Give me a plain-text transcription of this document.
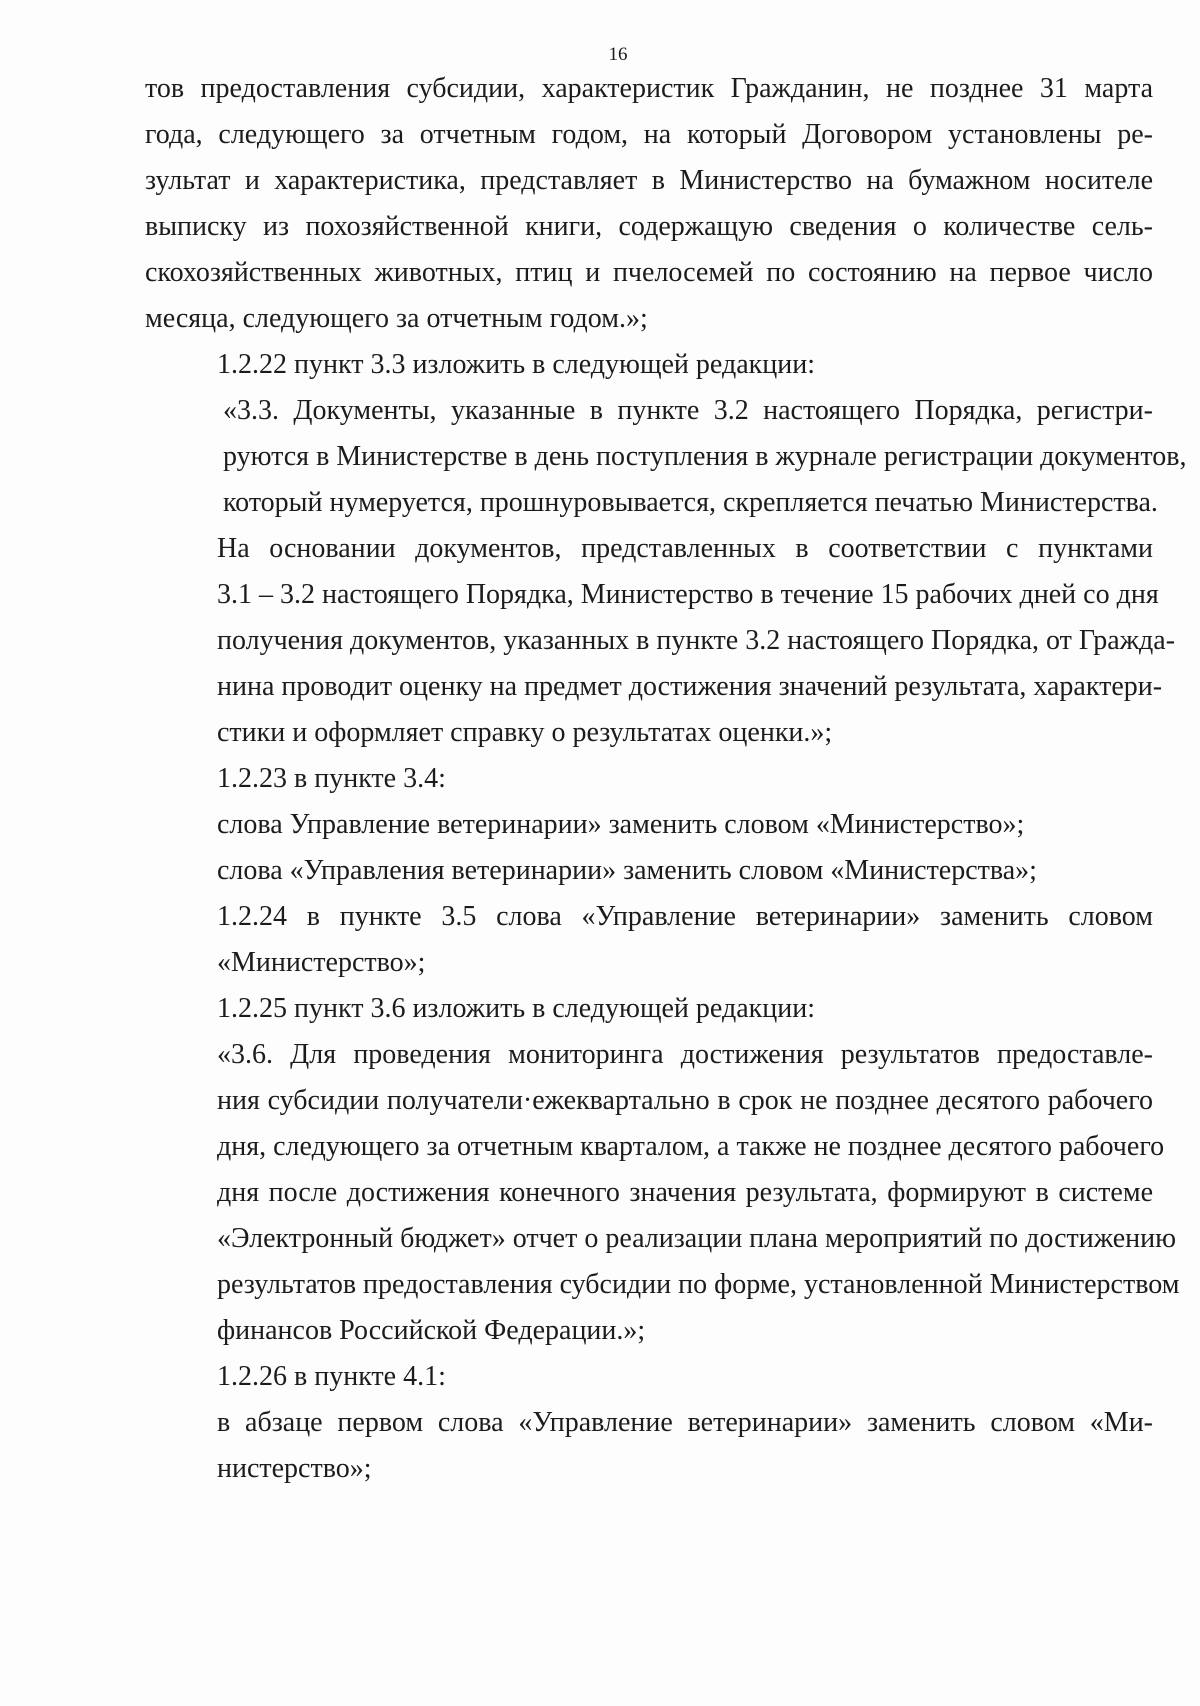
16

тов предоставления субсидии, характеристик Гражданин, не позднее 31 марта
года, следующего за отчетным годом, на который Договором установлены ре-
зультат и характеристика, представляет в Министерство на бумажном носителе
выписку из похозяйственной книги, содержащую сведения о количестве сель-
скохозяйственных животных, птиц и пчелосемей по состоянию на первое число
месяца, следующего за отчетным годом.»;

1.2.22 пункт 3.3 изложить в следующей редакции:

«3.3. Документы, указанные в пункте 3.2 настоящего Порядка, регистри-
руются в Министерстве в день поступления в журнале регистрации документов,
который нумеруется, прошнуровывается, скрепляется печатью Министерства.

На основании документов, представленных в соответствии с пунктами
3.1 – 3.2 настоящего Порядка, Министерство в течение 15 рабочих дней со дня
получения документов, указанных в пункте 3.2 настоящего Порядка, от Гражда-
нина проводит оценку на предмет достижения значений результата, характери-
стики и оформляет справку о результатах оценки.»;

1.2.23 в пункте 3.4:

слова Управление ветеринарии» заменить словом «Министерство»;

слова «Управления ветеринарии» заменить словом «Министерства»;

1.2.24 в пункте 3.5 слова «Управление ветеринарии» заменить словом
«Министерство»;

1.2.25 пункт 3.6 изложить в следующей редакции:

«3.6. Для проведения мониторинга достижения результатов предоставле-
ния субсидии получатели·ежеквартально в срок не позднее десятого рабочего
дня, следующего за отчетным кварталом, а также не позднее десятого рабочего
дня после достижения конечного значения результата, формируют в системе
«Электронный бюджет» отчет о реализации плана мероприятий по достижению
результатов предоставления субсидии по форме, установленной Министерством
финансов Российской Федерации.»;

1.2.26 в пункте 4.1:

в абзаце первом слова «Управление ветеринарии» заменить словом «Ми-
нистерство»;
